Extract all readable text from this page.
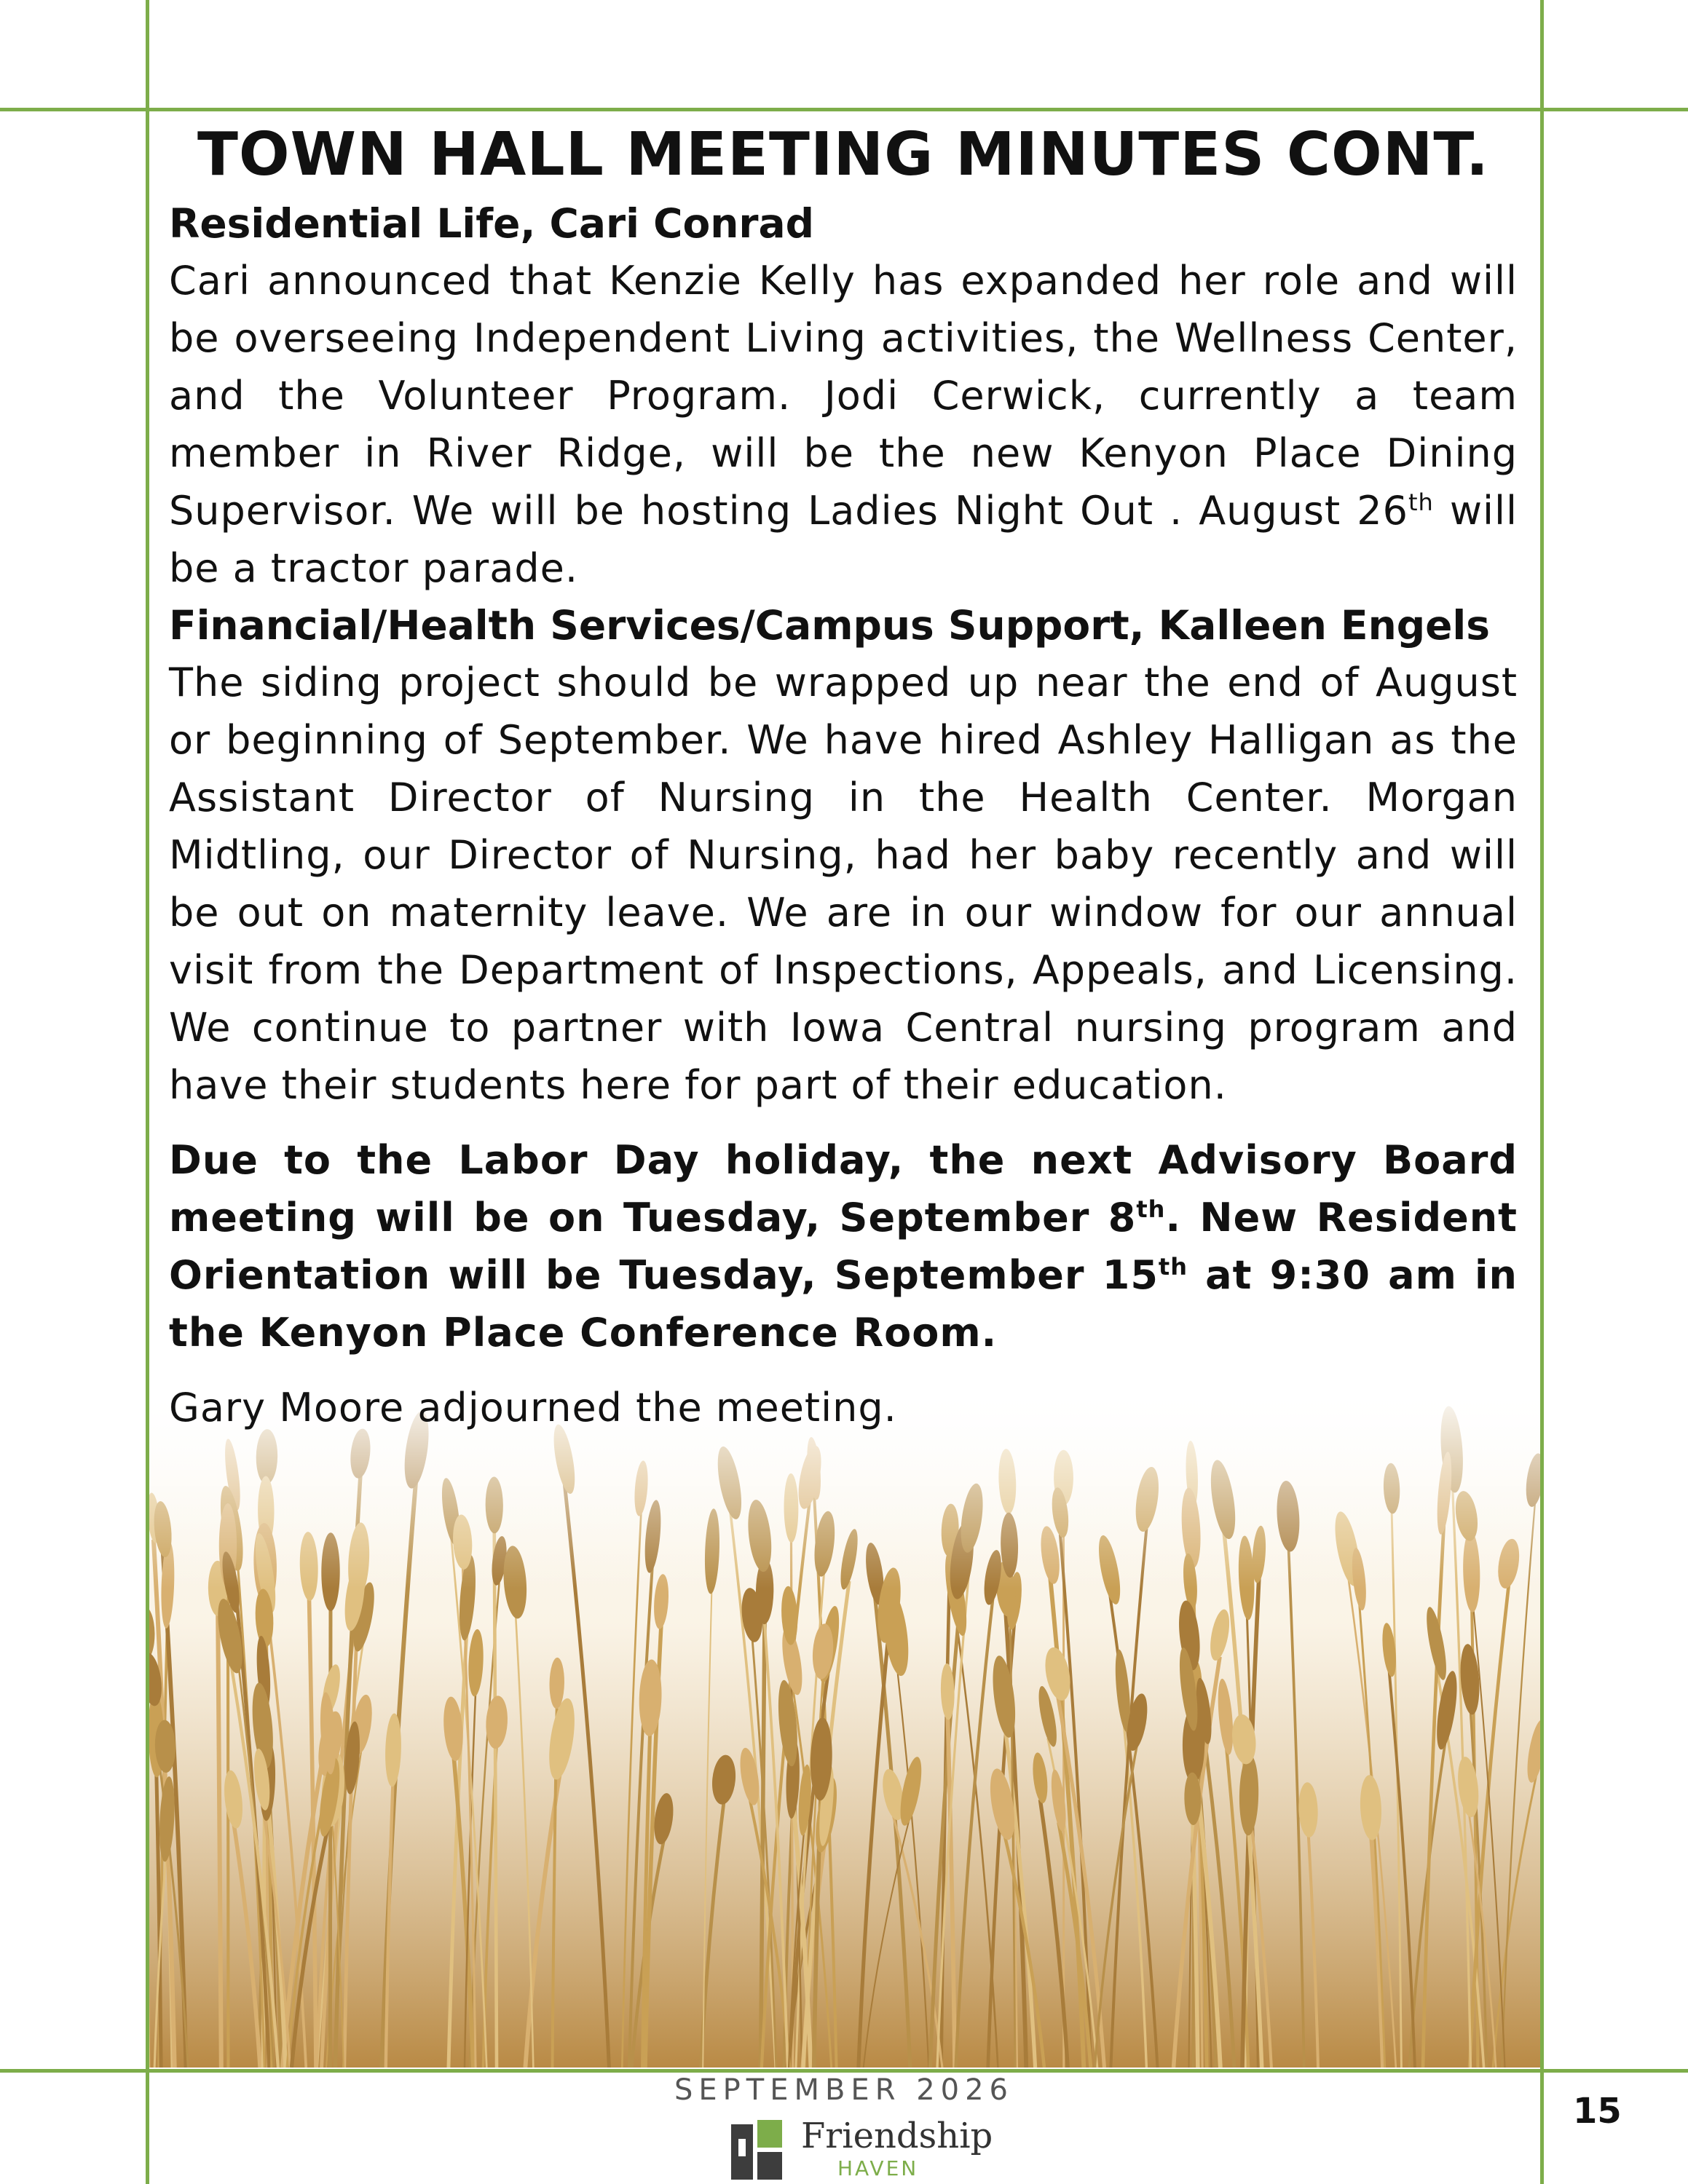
TOWN HALL MEETING MINUTES CONT.

Residential Life, Cari Conrad

Cari announced that Kenzie Kelly has expanded her role and will be overseeing Independent Living activities, the Wellness Center, and the Volunteer Program. Jodi Cerwick, currently a team member in River Ridge, will be the new Kenyon Place Dining Supervisor. We will be hosting Ladies Night Out . August 26th will be a tractor parade.

Financial/Health Services/Campus Support, Kalleen Engels

The siding project should be wrapped up near the end of August or beginning of September. We have hired Ashley Halligan as the Assistant Director of Nursing in the Health Center. Morgan Midtling, our Director of Nursing, had her baby recently and will be out on maternity leave. We are in our window for our annual visit from the Department of Inspections, Appeals, and Licensing. We continue to partner with Iowa Central nursing program and have their students here for part of their education.

Due to the Labor Day holiday, the next Advisory Board meeting will be on Tuesday, September 8th. New Resident Orientation will be Tuesday, September 15th at 9:30 am in the Kenyon Place Conference Room.

Gary Moore adjourned the meeting.

SEPTEMBER 2026
Friendship
HAVEN
15
